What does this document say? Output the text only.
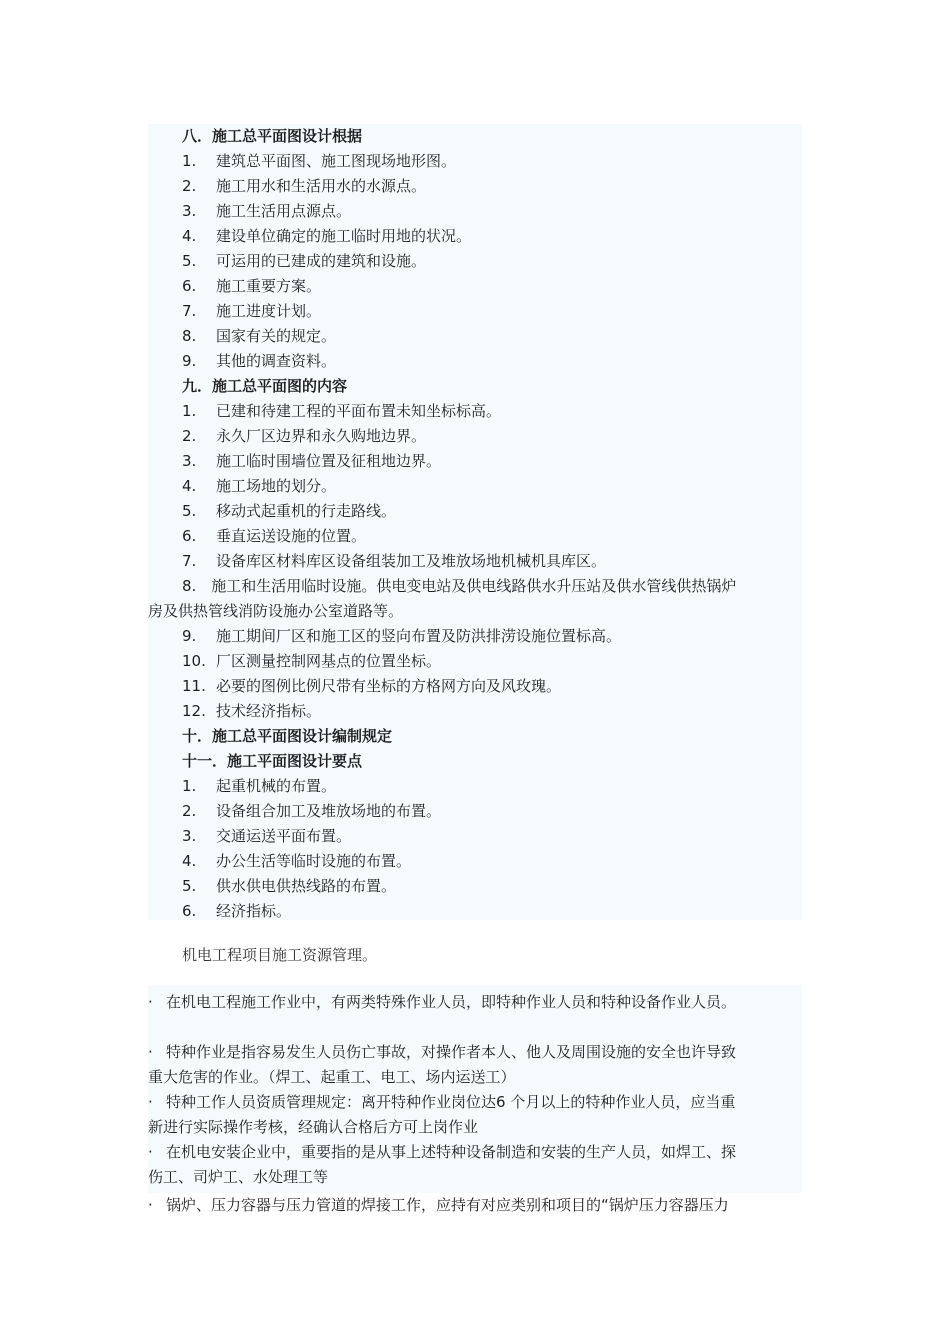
八．施工总平面图设计根据
1. 建筑总平面图、施工图现场地形图。
2. 施工用水和生活用水的水源点。
3. 施工生活用点源点。
4. 建设单位确定的施工临时用地的状况。
5. 可运用的已建成的建筑和设施。
6. 施工重要方案。
7. 施工进度计划。
8. 国家有关的规定。
9. 其他的调查资料。
九．施工总平面图的内容
1. 已建和待建工程的平面布置未知坐标标高。
2. 永久厂区边界和永久购地边界。
3. 施工临时围墙位置及征租地边界。
4. 施工场地的划分。
5. 移动式起重机的行走路线。
6. 垂直运送设施的位置。
7. 设备库区材料库区设备组装加工及堆放场地机械机具库区。
8.　施工和生活用临时设施。供电变电站及供电线路供水升压站及供水管线供热锅炉
房及供热管线消防设施办公室道路等。
9. 施工期间厂区和施工区的竖向布置及防洪排涝设施位置标高。
10. 厂区测量控制网基点的位置坐标。
11. 必要的图例比例尺带有坐标的方格网方向及风玫瑰。
12. 技术经济指标。
十．施工总平面图设计编制规定
十一．施工平面图设计要点
1. 起重机械的布置。
2. 设备组合加工及堆放场地的布置。
3. 交通运送平面布置。
4. 办公生活等临时设施的布置。
5. 供水供电供热线路的布置。
6. 经济指标。
机电工程项目施工资源管理。
· 在机电工程施工作业中，有两类特殊作业人员，即特种作业人员和特种设备作业人员。
· 特种作业是指容易发生人员伤亡事故，对操作者本人、他人及周围设施的安全也许导致
重大危害的作业。（焊工、起重工、电工、场内运送工）
· 特种工作人员资质管理规定：离开特种作业岗位达6 个月以上的特种作业人员，应当重
新进行实际操作考核，经确认合格后方可上岗作业
· 在机电安装企业中，重要指的是从事上述特种设备制造和安装的生产人员，如焊工、探
伤工、司炉工、水处理工等
· 锅炉、压力容器与压力管道的焊接工作，应持有对应类别和项目的“锅炉压力容器压力
